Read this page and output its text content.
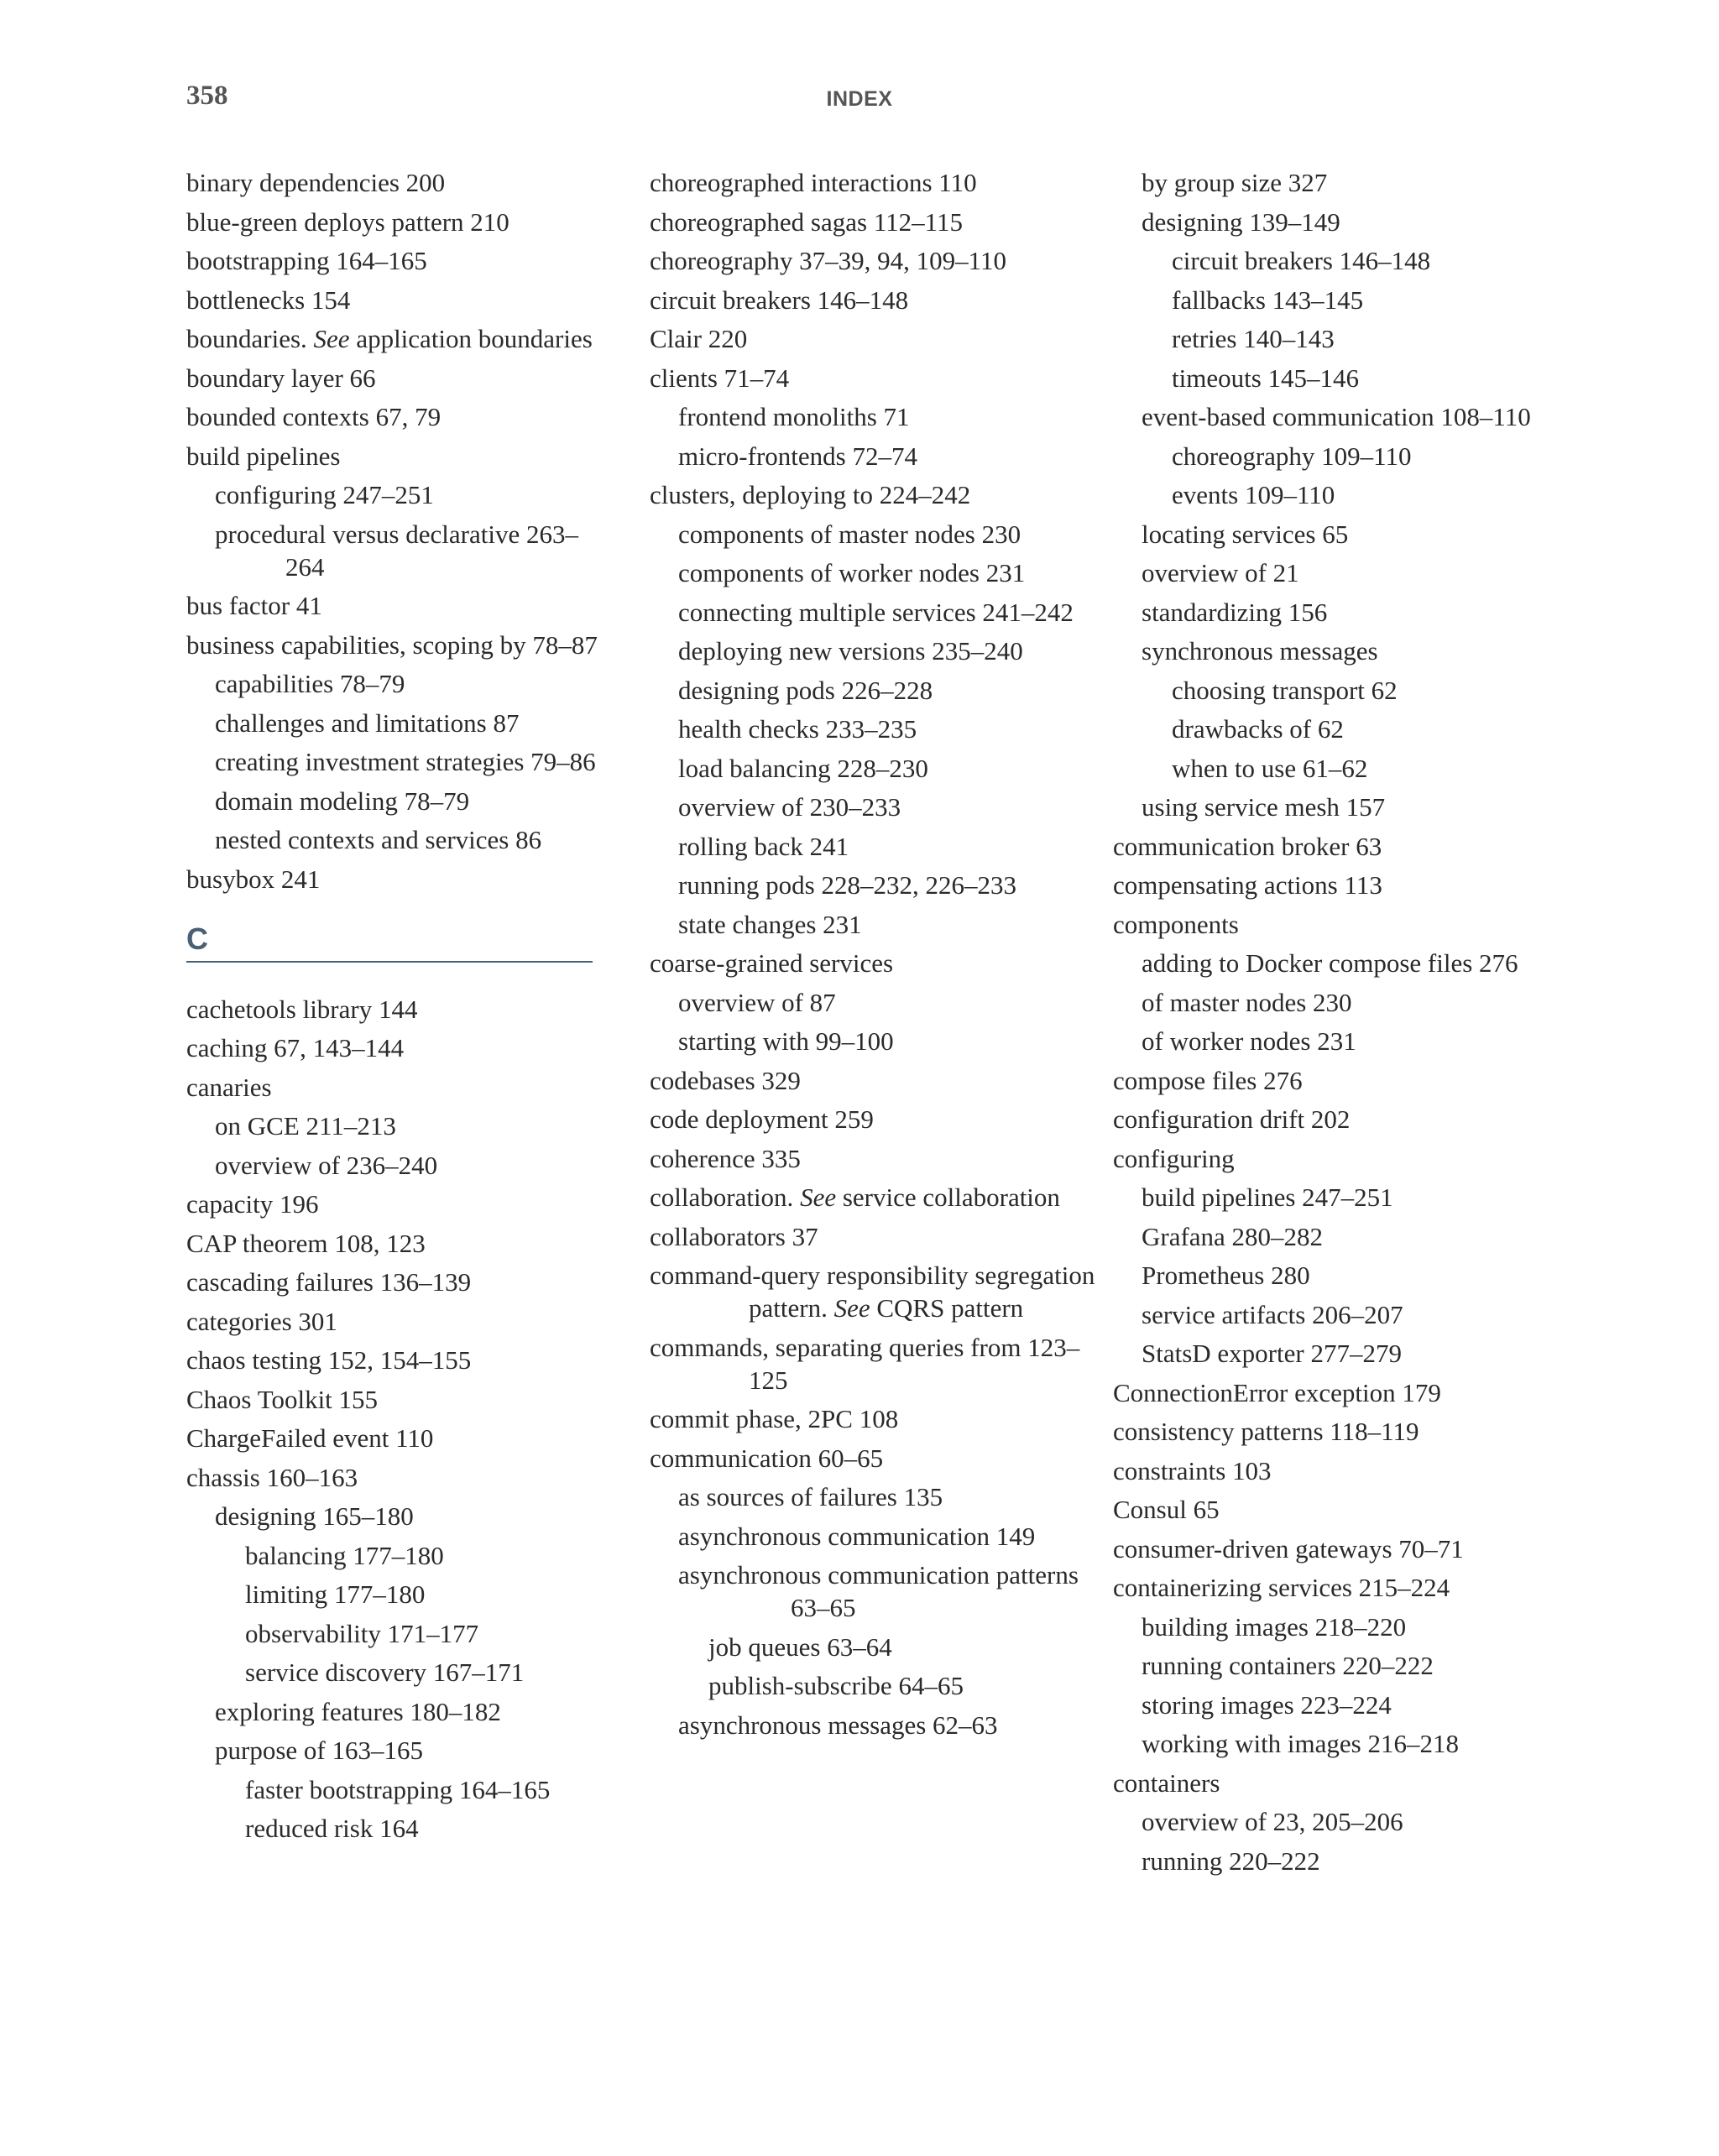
358	INDEX
binary dependencies 200
blue-green deploys pattern 210
bootstrapping 164–165
bottlenecks 154
boundaries. See application boundaries
boundary layer 66
bounded contexts 67, 79
build pipelines
configuring 247–251
procedural versus declarative 263–264
bus factor 41
business capabilities, scoping by 78–87
capabilities 78–79
challenges and limitations 87
creating investment strategies 79–86
domain modeling 78–79
nested contexts and services 86
busybox 241
C
cachetools library 144
caching 67, 143–144
canaries
on GCE 211–213
overview of 236–240
capacity 196
CAP theorem 108, 123
cascading failures 136–139
categories 301
chaos testing 152, 154–155
Chaos Toolkit 155
ChargeFailed event 110
chassis 160–163
designing 165–180
balancing 177–180
limiting 177–180
observability 171–177
service discovery 167–171
exploring features 180–182
purpose of 163–165
faster bootstrapping 164–165
reduced risk 164
choreographed interactions 110
choreographed sagas 112–115
choreography 37–39, 94, 109–110
circuit breakers 146–148
Clair 220
clients 71–74
frontend monoliths 71
micro-frontends 72–74
clusters, deploying to 224–242
components of master nodes 230
components of worker nodes 231
connecting multiple services 241–242
deploying new versions 235–240
designing pods 226–228
health checks 233–235
load balancing 228–230
overview of 230–233
rolling back 241
running pods 228–232, 226–233
state changes 231
coarse-grained services
overview of 87
starting with 99–100
codebases 329
code deployment 259
coherence 335
collaboration. See service collaboration
collaborators 37
command-query responsibility segregation pattern. See CQRS pattern
commands, separating queries from 123–125
commit phase, 2PC 108
communication 60–65
as sources of failures 135
asynchronous communication 149
asynchronous communication patterns 63–65
job queues 63–64
publish-subscribe 64–65
asynchronous messages 62–63
by group size 327
designing 139–149
circuit breakers 146–148
fallbacks 143–145
retries 140–143
timeouts 145–146
event-based communication 108–110
choreography 109–110
events 109–110
locating services 65
overview of 21
standardizing 156
synchronous messages
choosing transport 62
drawbacks of 62
when to use 61–62
using service mesh 157
communication broker 63
compensating actions 113
components
adding to Docker compose files 276
of master nodes 230
of worker nodes 231
compose files 276
configuration drift 202
configuring
build pipelines 247–251
Grafana 280–282
Prometheus 280
service artifacts 206–207
StatsD exporter 277–279
ConnectionError exception 179
consistency patterns 118–119
constraints 103
Consul 65
consumer-driven gateways 70–71
containerizing services 215–224
building images 218–220
running containers 220–222
storing images 223–224
working with images 216–218
containers
overview of 23, 205–206
running 220–222
